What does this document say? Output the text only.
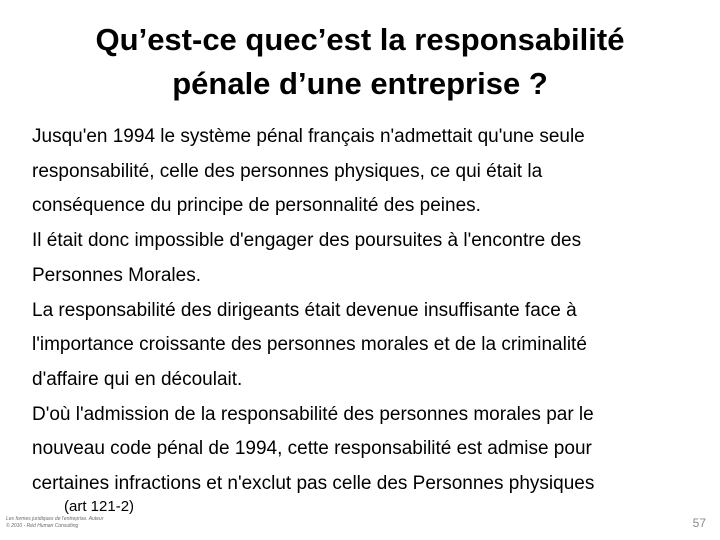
Qu’est-ce quec’est la responsabilité
pénale d’une entreprise ?
Jusqu'en 1994 le système pénal français n'admettait qu'une seule
responsabilité, celle des personnes physiques, ce qui était la
conséquence du principe de personnalité des peines.
Il était donc impossible d'engager des poursuites à l'encontre des
Personnes Morales.
La responsabilité des dirigeants était devenue insuffisante face à
l'importance croissante des personnes morales et de la criminalité
d'affaire qui en découlait.
D'où l'admission de la responsabilité des personnes morales par le
nouveau code pénal de 1994, cette responsabilité est admise pour
certaines infractions et n'exclut pas celle des Personnes physiques
(art 121-2)
Les formes juridiques de l'entreprise. Auteur
© 2010 - Réd Human Consulting	57
